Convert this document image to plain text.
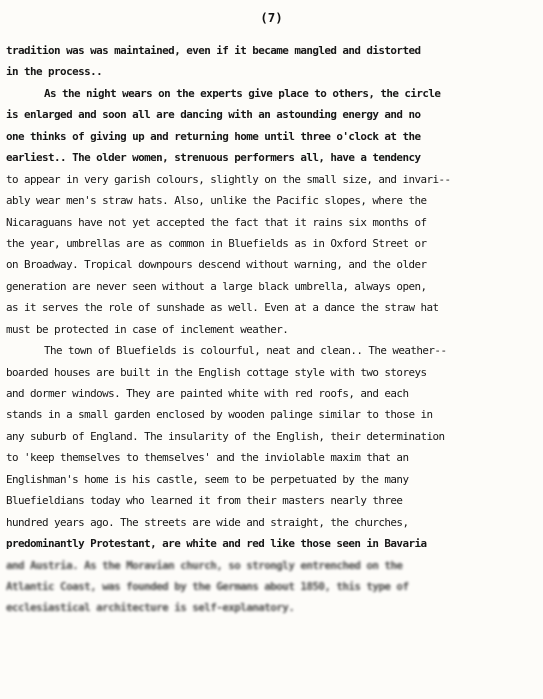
(7)
tradition was was maintained, even if it became mangled and distorted
in the process..
As the night wears on the experts give place to others, the circle
is enlarged and soon all are dancing with an astounding energy and no
one thinks of giving up and returning home until three o'clock at the
earliest.. The older women, strenuous performers all, have a tendency
to appear in very garish colours, slightly on the small size, and invari--
ably wear men's straw hats. Also, unlike the Pacific slopes, where the
Nicaraguans have not yet accepted the fact that it rains six months of
the year, umbrellas are as common in Bluefields as in Oxford Street or
on Broadway. Tropical downpours descend without warning, and the older
generation are never seen without a large black umbrella, always open,
as it serves the role of sunshade as well. Even at a dance the straw hat
must be protected in case of inclement weather.
The town of Bluefields is colourful, neat and clean.. The weather--
boarded houses are built in the English cottage style with two storeys
and dormer windows. They are painted white with red roofs, and each
stands in a small garden enclosed by wooden palinge similar to those in
any suburb of England. The insularity of the English, their determination
to 'keep themselves to themselves' and the inviolable maxim that an
Englishman's home is his castle, seem to be perpetuated by the many
Bluefieldians today who learned it from their masters nearly three
hundred years ago. The streets are wide and straight, the churches,
predominantly Protestant, are white and red like those seen in Bavaria
and Austria. As the Moravian church, so strongly entrenched on the
Atlantic Coast, was founded by the Germans about 1850, this type of
ecclesiastical architecture is self-explanatory.
